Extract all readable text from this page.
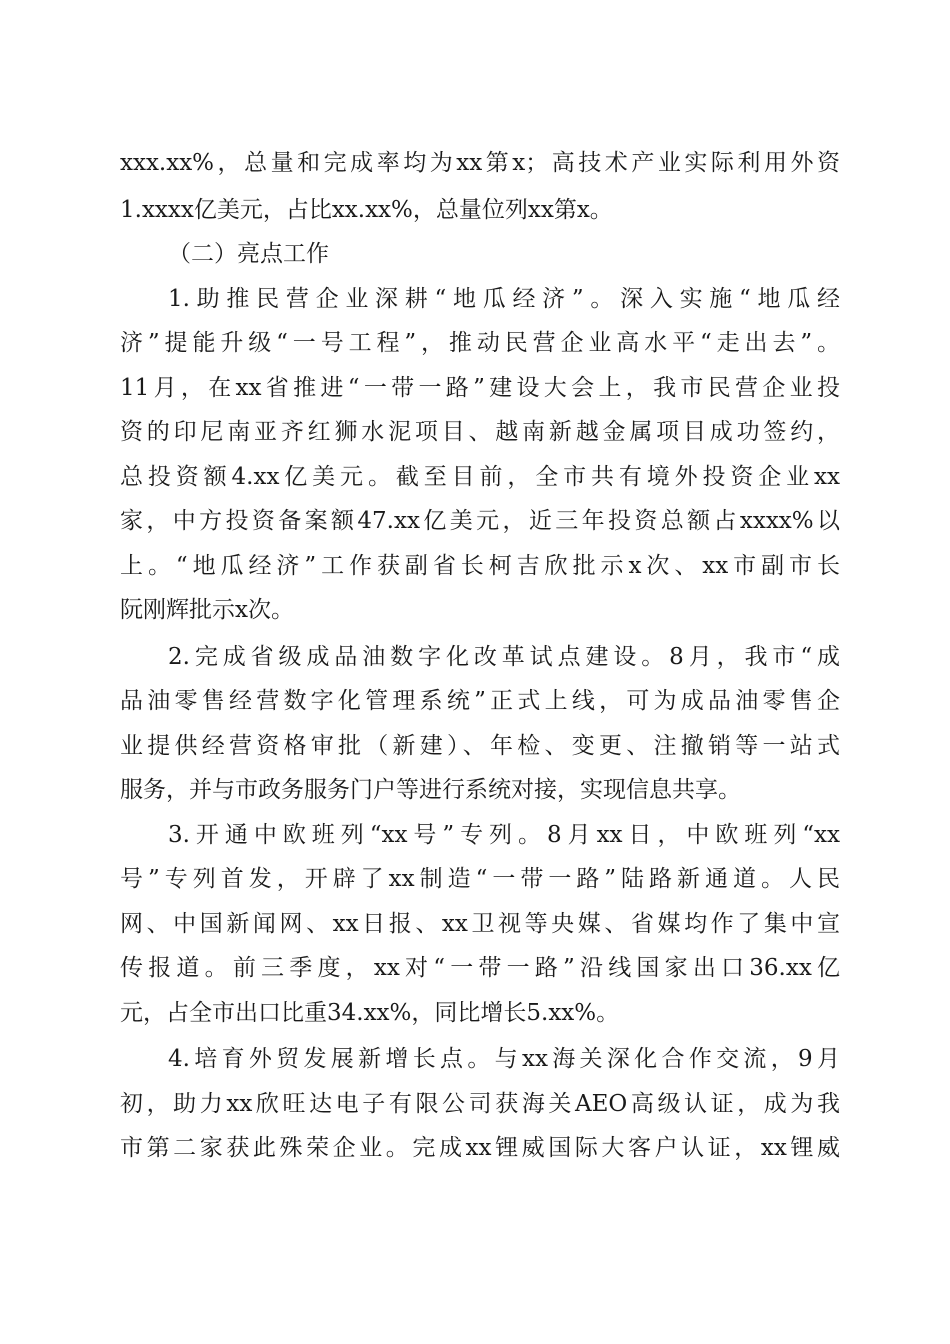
xxx.xx%，总量和完成率均为xx第x；高技术产业实际利用外资
1.xxxx亿美元，占比xx.xx%，总量位列xx第x。
（二）亮点工作
1.助推民营企业深耕“地瓜经济”。深入实施“地瓜经
济”提能升级“一号工程”，推动民营企业高水平“走出去”。
11月，在xx省推进“一带一路”建设大会上，我市民营企业投
资的印尼南亚齐红狮水泥项目、越南新越金属项目成功签约，
总投资额4.xx亿美元。截至目前，全市共有境外投资企业xx
家，中方投资备案额47.xx亿美元，近三年投资总额占xxxx%以
上。“地瓜经济”工作获副省长柯吉欣批示x次、xx市副市长
阮刚辉批示x次。
2.完成省级成品油数字化改革试点建设。8月，我市“成
品油零售经营数字化管理系统”正式上线，可为成品油零售企
业提供经营资格审批（新建）、年检、变更、注撤销等一站式
服务，并与市政务服务门户等进行系统对接，实现信息共享。
3.开通中欧班列“xx号”专列。8月xx日，中欧班列“xx
号”专列首发，开辟了xx制造“一带一路”陆路新通道。人民
网、中国新闻网、xx日报、xx卫视等央媒、省媒均作了集中宣
传报道。前三季度，xx对“一带一路”沿线国家出口36.xx亿
元，占全市出口比重34.xx%，同比增长5.xx%。
4.培育外贸发展新增长点。与xx海关深化合作交流，9月
初，助力xx欣旺达电子有限公司获海关AEO高级认证，成为我
市第二家获此殊荣企业。完成xx锂威国际大客户认证，xx锂威
